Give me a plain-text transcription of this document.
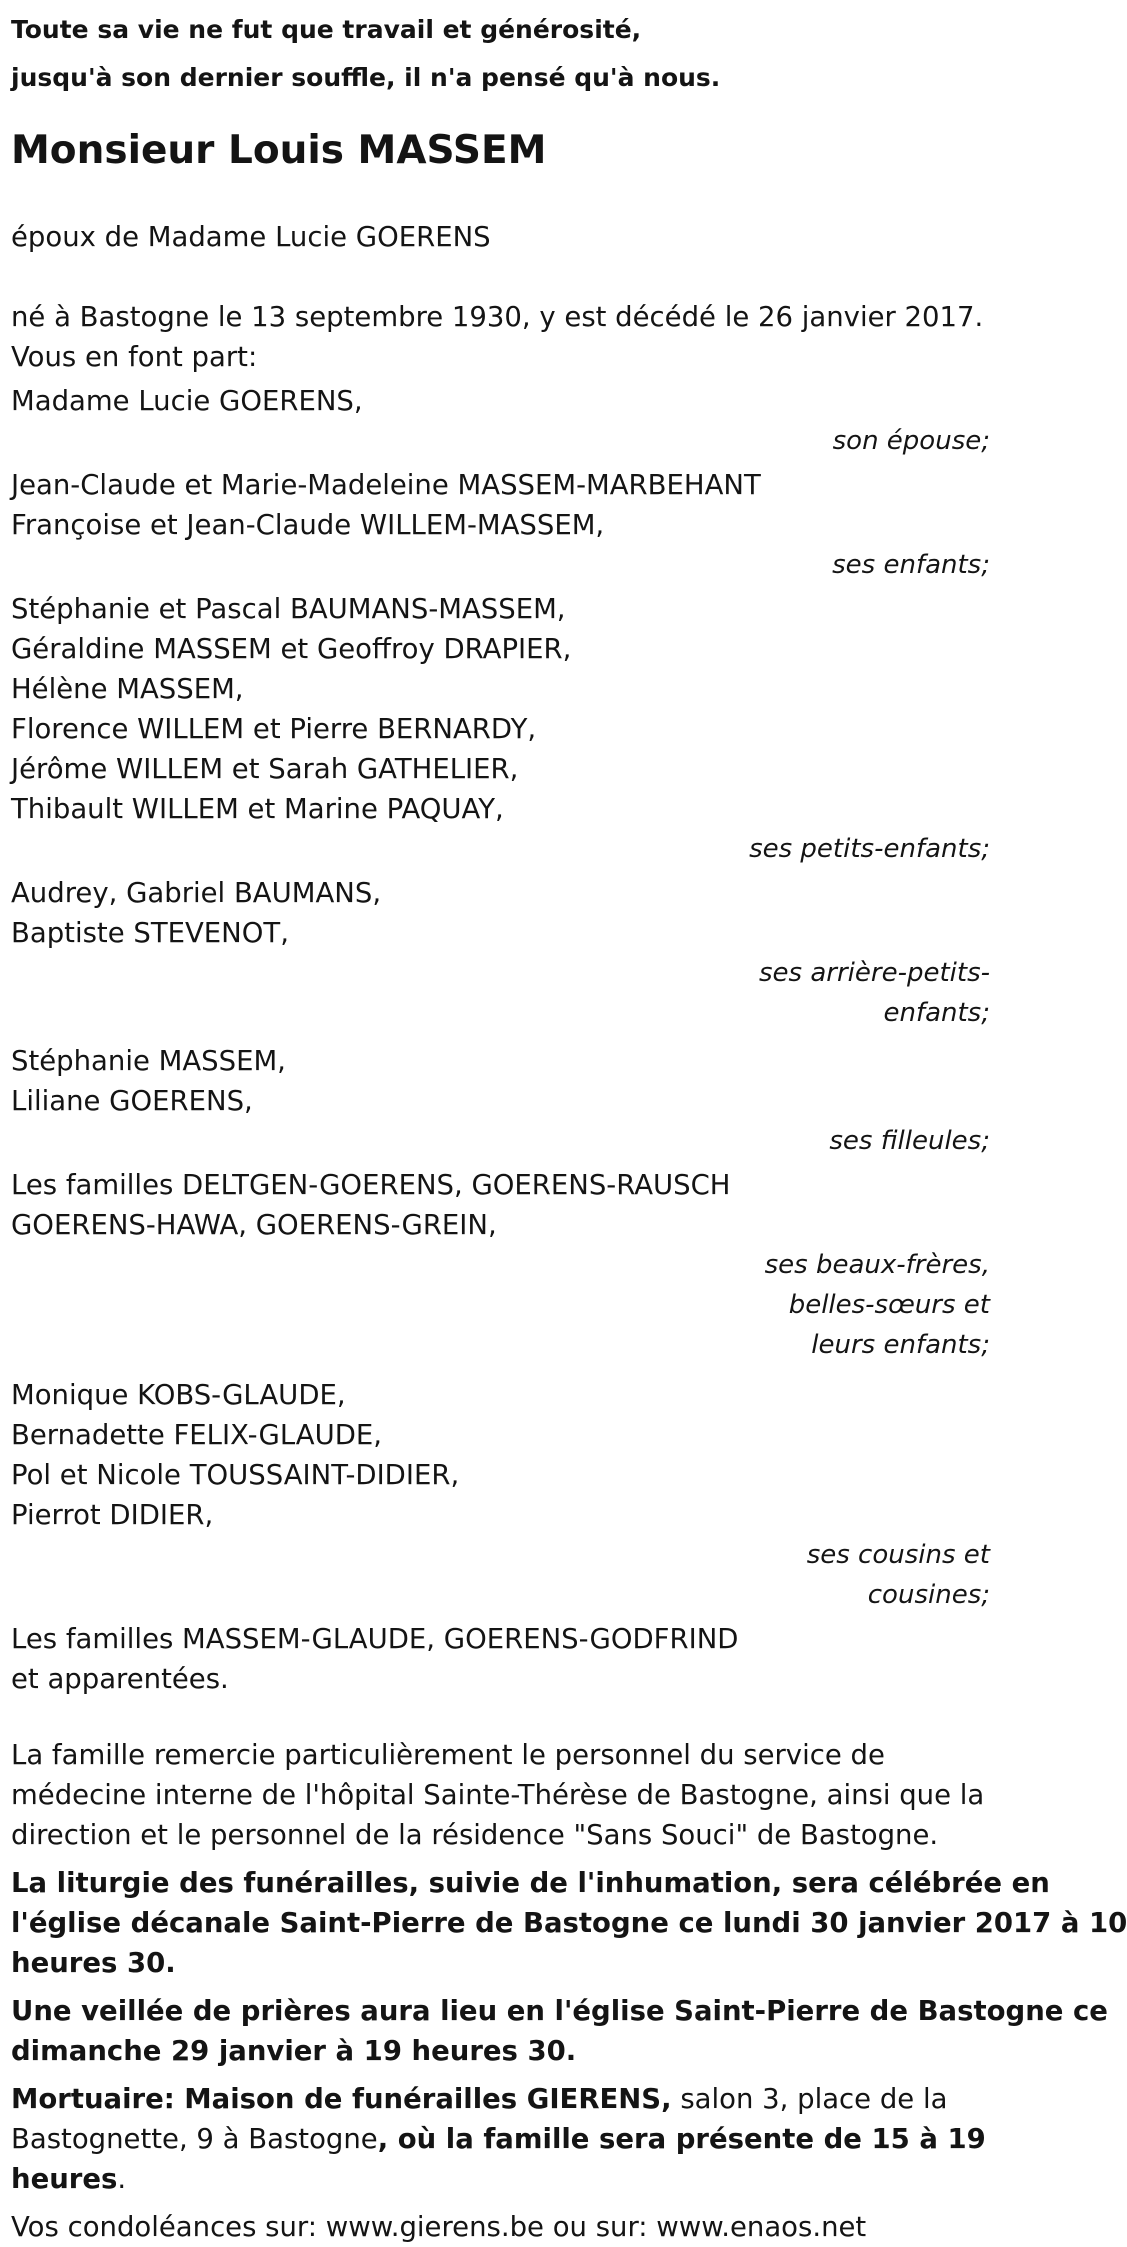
Toute sa vie ne fut que travail et générosité,
jusqu'à son dernier souffle, il n'a pensé qu'à nous.
Monsieur Louis MASSEM
époux de Madame Lucie GOERENS
né à Bastogne le 13 septembre 1930, y est décédé le 26 janvier 2017.
Vous en font part:
Madame Lucie GOERENS,
son épouse;
Jean-Claude et Marie-Madeleine MASSEM-MARBEHANT
Françoise et Jean-Claude WILLEM-MASSEM,
ses enfants;
Stéphanie et Pascal BAUMANS-MASSEM,
Géraldine MASSEM et Geoffroy DRAPIER,
Hélène MASSEM,
Florence WILLEM et Pierre BERNARDY,
Jérôme WILLEM et Sarah GATHELIER,
Thibault WILLEM et Marine PAQUAY,
ses petits-enfants;
Audrey, Gabriel BAUMANS,
Baptiste STEVENOT,
ses arrière-petits-
enfants;
Stéphanie MASSEM,
Liliane GOERENS,
ses filleules;
Les familles DELTGEN-GOERENS, GOERENS-RAUSCH
GOERENS-HAWA, GOERENS-GREIN,
ses beaux-frères,
belles-sœurs et
leurs enfants;
Monique KOBS-GLAUDE,
Bernadette FELIX-GLAUDE,
Pol et Nicole TOUSSAINT-DIDIER,
Pierrot DIDIER,
ses cousins et
cousines;
Les familles MASSEM-GLAUDE, GOERENS-GODFRIND
et apparentées.
La famille remercie particulièrement le personnel du service de
médecine interne de l'hôpital Sainte-Thérèse de Bastogne, ainsi que la
direction et le personnel de la résidence "Sans Souci" de Bastogne.
La liturgie des funérailles, suivie de l'inhumation, sera célébrée en
l'église décanale Saint-Pierre de Bastogne ce lundi 30 janvier 2017 à 10
heures 30.
Une veillée de prières aura lieu en l'église Saint-Pierre de Bastogne ce
dimanche 29 janvier à 19 heures 30.
Mortuaire: Maison de funérailles GIERENS, salon 3, place de la
Bastognette, 9 à Bastogne, où la famille sera présente de 15 à 19
heures.
Vos condoléances sur: www.gierens.be ou sur: www.enaos.net
